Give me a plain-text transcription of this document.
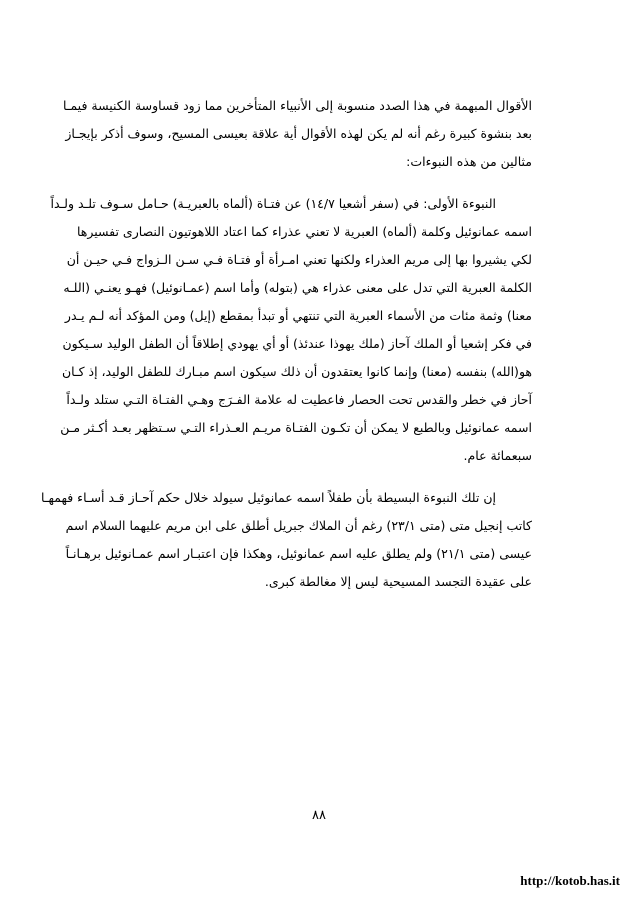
الأقوال المبهمة في هذا الصدد منسوبة إلى الأنبياء المتأخرين مما زود قساوسة الكنيسة فيمـا
بعد بنشوة كبيرة رغم أنه لم يكن لهذه الأقوال أية علاقة بعيسى المسيح، وسوف أذكر بإيجـاز
مثالين من هذه النبوءات:
النبوءة الأولى: في (سفر أشعيا ١٤/٧) عن فتـاة (ألماه بالعبريـة) حـامل سـوف تلـد ولـداً
اسمه عمانوئيل وكلمة (ألماه) العبرية لا تعني عذراء كما اعتاد اللاهوتيون النصارى تفسيرها
لكي يشيروا بها إلى مريم العذراء ولكنها تعني امـرأة أو فتـاة فـي سـن الـزواج فـي حيـن أن
الكلمة العبرية التي تدل على معنى عذراء هي (بتوله) وأما اسم (عمـانوئيل) فهـو يعنـي (اللـه
معنا) وثمة مئات من الأسماء العبرية التي تنتهي أو تبدأ بمقطع (إيل) ومن المؤكد أنه لـم يـدر
في فكر إشعيا أو الملك آحاز (ملك يهوذا عندئذ) أو أي يهودي إطلاقاً أن الطفل الوليد سـيكون
هو(الله) بنفسه (معنا) وإنما كانوا يعتقدون أن ذلك سيكون اسم مبـارك للطفل الوليد، إذ كـان
آحاز في خطر والقدس تحت الحصار فاعطيت له علامة الفـرَج وهـي الفتـاة التـي ستلد ولـداً
اسمه عمانوئيل وبالطبع لا يمكن أن تكـون الفتـاة مريـم العـذراء التـي سـتظهر بعـد أكـثر مـن
سبعمائة عام.
إن تلك النبوءة البسيطة بأن طفلاً اسمه عمانوئيل سيولد خلال حكم آحـاز قـد أسـاء فهمهـا
كاتب إنجيل متى (متى ٢٣/١) رغم أن الملاك جبريل أطلق على ابن مريم عليهما السلام اسم
عيسى (متى ٢١/١) ولم يطلق عليه اسم عمانوئيل، وهكذا فإن اعتبـار اسم عمـانوئيل برهـانـاً
على عقيدة التجسد المسيحية ليس إلا مغالطة كبرى.
٨٨
http://kotob.has.it
